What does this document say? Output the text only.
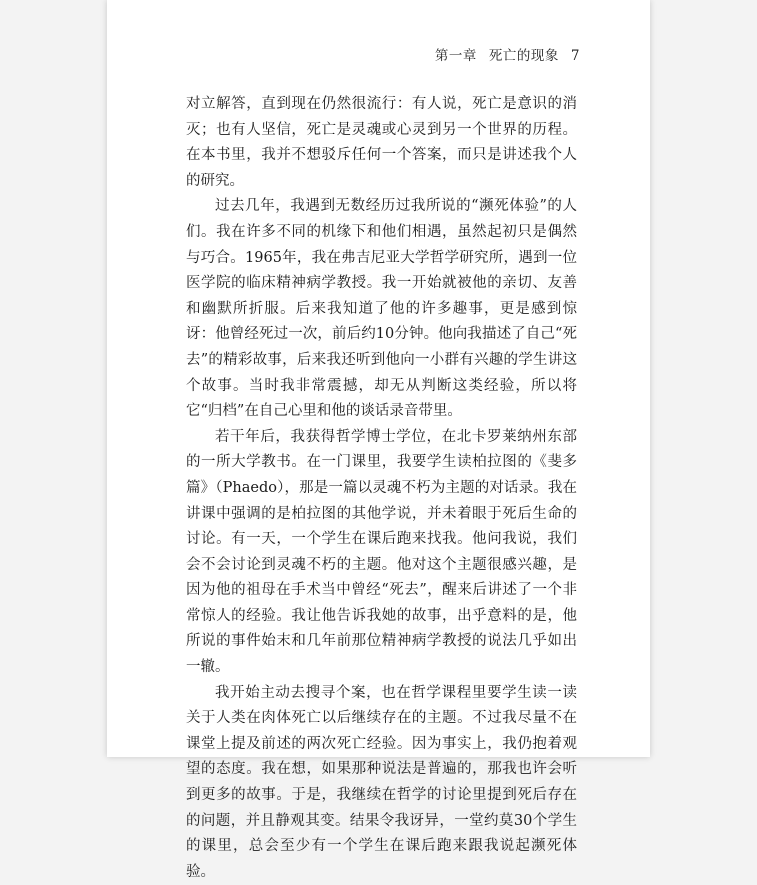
第一章 死亡的现象 7

对立解答，直到现在仍然很流行：有人说，死亡是意识的消灭；也有人坚信，死亡是灵魂或心灵到另一个世界的历程。在本书里，我并不想驳斥任何一个答案，而只是讲述我个人的研究。

过去几年，我遇到无数经历过我所说的“濒死体验”的人们。我在许多不同的机缘下和他们相遇，虽然起初只是偶然与巧合。1965年，我在弗吉尼亚大学哲学研究所，遇到一位医学院的临床精神病学教授。我一开始就被他的亲切、友善和幽默所折服。后来我知道了他的许多趣事，更是感到惊讶：他曾经死过一次，前后约10分钟。他向我描述了自己“死去”的精彩故事，后来我还听到他向一小群有兴趣的学生讲这个故事。当时我非常震撼，却无从判断这类经验，所以将它“归档”在自己心里和他的谈话录音带里。

若干年后，我获得哲学博士学位，在北卡罗莱纳州东部的一所大学教书。在一门课里，我要学生读柏拉图的《斐多篇》（Phaedo），那是一篇以灵魂不朽为主题的对话录。我在讲课中强调的是柏拉图的其他学说，并未着眼于死后生命的讨论。有一天，一个学生在课后跑来找我。他问我说，我们会不会讨论到灵魂不朽的主题。他对这个主题很感兴趣，是因为他的祖母在手术当中曾经“死去”，醒来后讲述了一个非常惊人的经验。我让他告诉我她的故事，出乎意料的是，他所说的事件始末和几年前那位精神病学教授的说法几乎如出一辙。

我开始主动去搜寻个案，也在哲学课程里要学生读一读关于人类在肉体死亡以后继续存在的主题。不过我尽量不在课堂上提及前述的两次死亡经验。因为事实上，我仍抱着观望的态度。我在想，如果那种说法是普遍的，那我也许会听到更多的故事。于是，我继续在哲学的讨论里提到死后存在的问题，并且静观其变。结果令我讶异，一堂约莫30个学生的课里，总会至少有一个学生在课后跑来跟我说起濒死体验。
